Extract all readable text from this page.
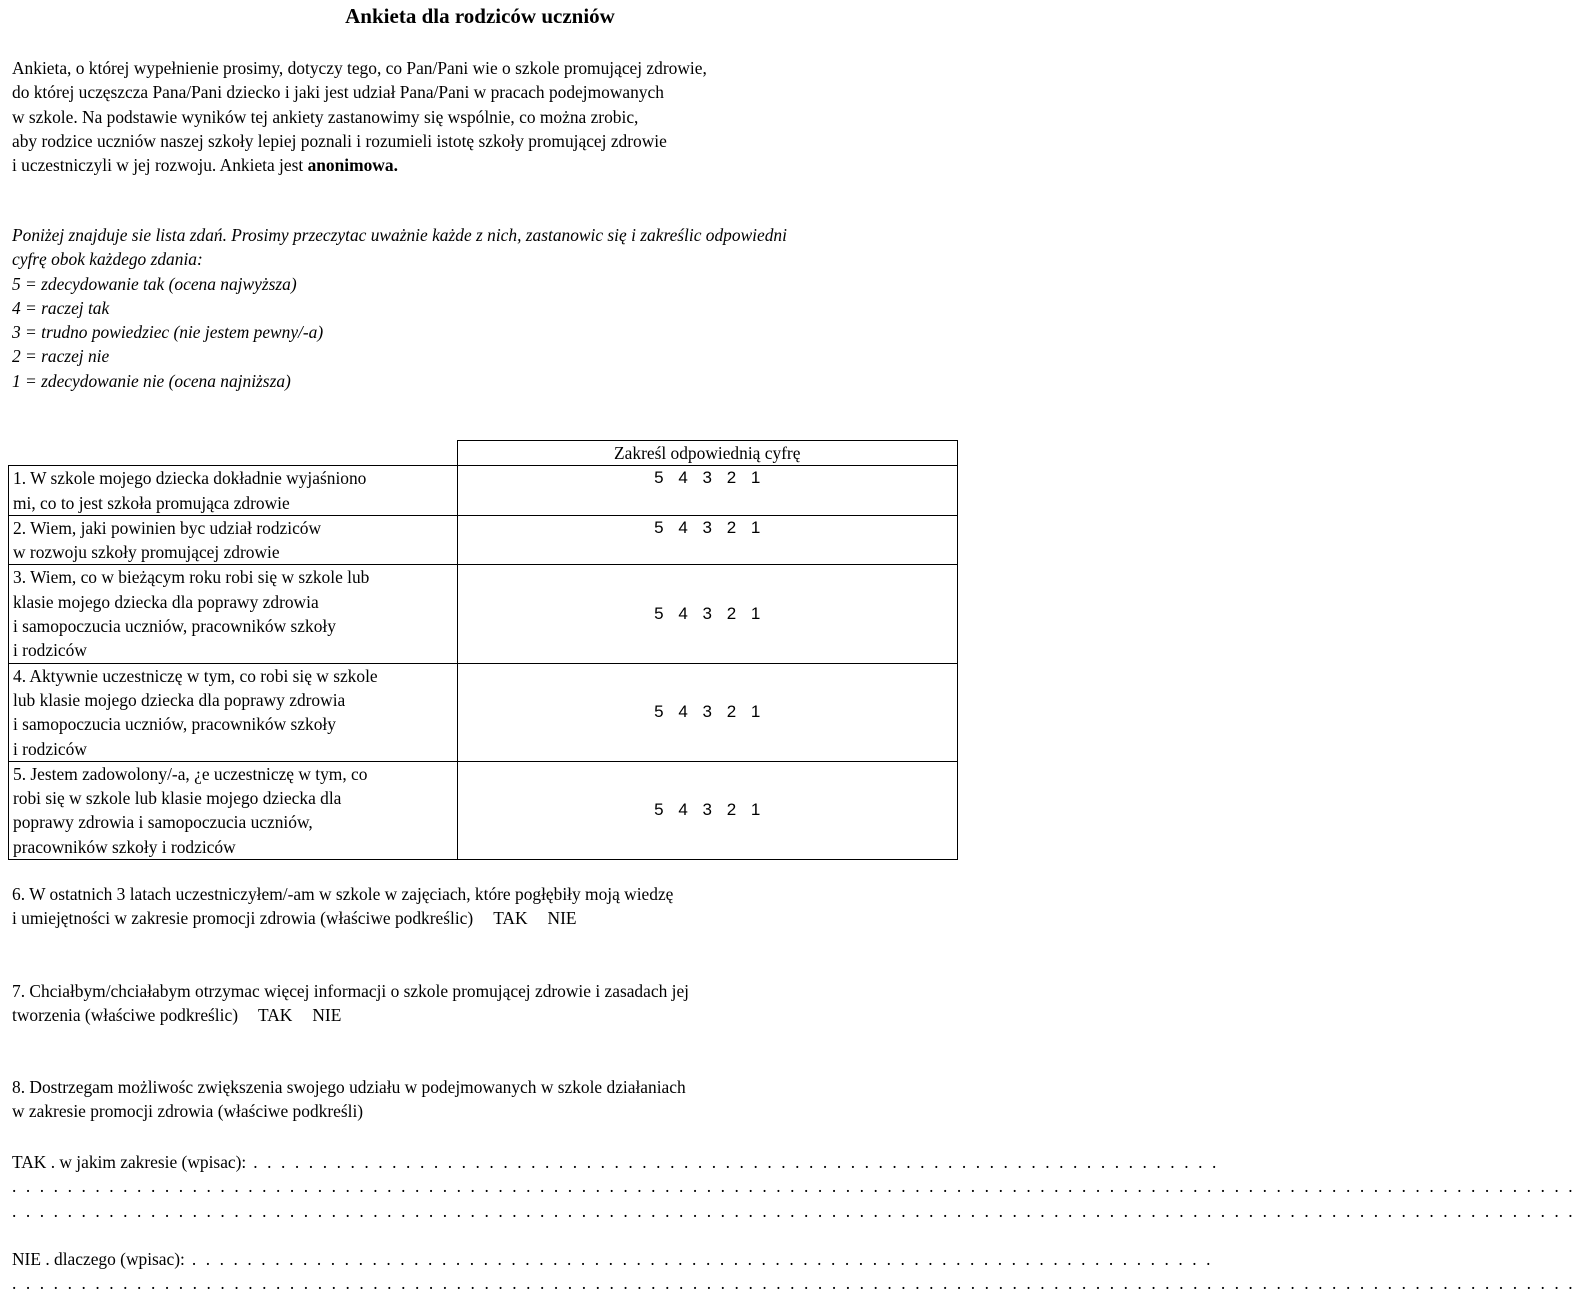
Ankieta dla rodziców uczniów
Ankieta, o której wypełnienie prosimy, dotyczy tego, co Pan/Pani wie o szkole promującej zdrowie,
do której uczęszcza Pana/Pani dziecko i jaki jest udział Pana/Pani w pracach podejmowanych
w szkole. Na podstawie wyników tej ankiety zastanowimy się wspólnie, co można zrobic,
aby rodzice uczniów naszej szkoły lepiej poznali i rozumieli istotę szkoły promującej zdrowie
i uczestniczyli w jej rozwoju. Ankieta jest anonimowa.
Poniżej znajduje sie lista zdań. Prosimy przeczytac uważnie każde z nich, zastanowic się i zakreślic odpowiedni
cyfrę obok każdego zdania:
5 = zdecydowanie tak (ocena najwyższa)
4 = raczej tak
3 = trudno powiedziec (nie jestem pewny/-a)
2 = raczej nie
1 = zdecydowanie nie (ocena najniższa)
	Zakreśl odpowiednią cyfrę

1. W szkole mojego dziecka dokładnie wyjaśniono
mi, co to jest szkoła promująca zdrowie	5 4 3 2 1

2. Wiem, jaki powinien byc udział rodziców
w rozwoju szkoły promującej zdrowie	5 4 3 2 1

3. Wiem, co w bieżącym roku robi się w szkole lub
klasie mojego dziecka dla poprawy zdrowia
i samopoczucia uczniów, pracowników szkoły
i rodziców	5 4 3 2 1

4. Aktywnie uczestniczę w tym, co robi się w szkole
lub klasie mojego dziecka dla poprawy zdrowia
i samopoczucia uczniów, pracowników szkoły
i rodziców	5 4 3 2 1

5. Jestem zadowolony/-a, ¿e uczestniczę w tym, co
robi się w szkole lub klasie mojego dziecka dla
poprawy zdrowia i samopoczucia uczniów,
pracowników szkoły i rodziców	5 4 3 2 1
6. W ostatnich 3 latach uczestniczyłem/-am w szkole w zajęciach, które pogłębiły moją wiedzę
i umiejętności w zakresie promocji zdrowia (właściwe podkreślic) TAK NIE
7. Chciałbym/chciałabym otrzymac więcej informacji o szkole promującej zdrowie i zasadach jej
tworzenia (właściwe podkreślic) TAK NIE
8. Dostrzegam możliwośc zwiększenia swojego udziału w podejmowanych w szkole działaniach
w zakresie promocji zdrowia (właściwe podkreśli)
TAK . w jakim zakresie (wpisac): . . . . . . . . . . . . . . . . . . . . . . . . . . . . . . . . . . . . . . . . . . . . . . . . . . . . . . . . . . . . . . . . . . . . . .
. . . . . . . . . . . . . . . . . . . . . . . . . . . . . . . . . . . . . . . . . . . . . . . . . . . . . . . . . . . . . . . . . . . . . . . . . . . . . . . . . . . . . . . . . . . . . . . . . . . . . . . . . . . . . . . . .
. . . . . . . . . . . . . . . . . . . . . . . . . . . . . . . . . . . . . . . . . . . . . . . . . . . . . . . . . . . . . . . . . . . . . . . . . . . . . . . . . . . . . . . . . . . . . . . . . . . . . . . . . . . . . . . . .
NIE . dlaczego (wpisac): . . . . . . . . . . . . . . . . . . . . . . . . . . . . . . . . . . . . . . . . . . . . . . . . . . . . . . . . . . . . . . . . . . . . . . . . . .
. . . . . . . . . . . . . . . . . . . . . . . . . . . . . . . . . . . . . . . . . . . . . . . . . . . . . . . . . . . . . . . . . . . . . . . . . . . . . . . . . . . . . . . . . . . . . . . . . . . . . . . . . . . . . . . . .
